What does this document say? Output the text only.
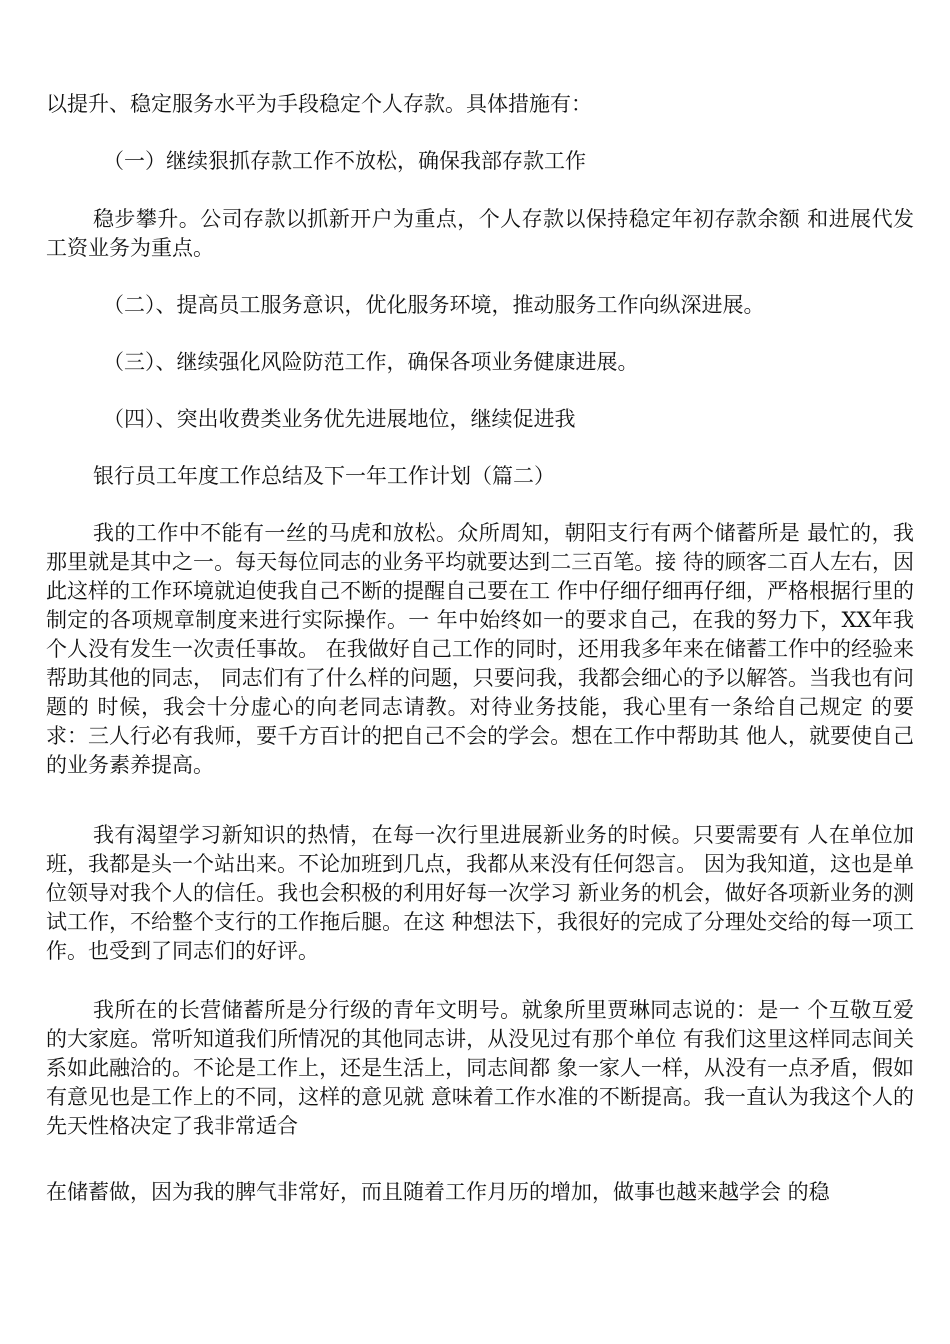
以提升、稳定服务水平为手段稳定个人存款。具体措施有：

（一）继续狠抓存款工作不放松，确保我部存款工作

稳步攀升。公司存款以抓新开户为重点，个人存款以保持稳定年初存款余额 和进展代发工资业务为重点。

（二）、提高员工服务意识，优化服务环境，推动服务工作向纵深进展。

（三）、继续强化风险防范工作，确保各项业务健康进展。

（四）、突出收费类业务优先进展地位，继续促进我

银行员工年度工作总结及下一年工作计划（篇二）

我的工作中不能有一丝的马虎和放松。众所周知，朝阳支行有两个储蓄所是 最忙的，我那里就是其中之一。每天每位同志的业务平均就要达到二三百笔。接 待的顾客二百人左右，因此这样的工作环境就迫使我自己不断的提醒自己要在工 作中仔细仔细再仔细，严格根据行里的制定的各项规章制度来进行实际操作。一 年中始终如一的要求自己，在我的努力下，XX年我个人没有发生一次责任事故。 在我做好自己工作的同时，还用我多年来在储蓄工作中的经验来帮助其他的同志， 同志们有了什么样的问题，只要问我，我都会细心的予以解答。当我也有问题的 时候，我会十分虚心的向老同志请教。对待业务技能，我心里有一条给自己规定 的要求：三人行必有我师，要千方百计的把自己不会的学会。想在工作中帮助其 他人，就要使自己的业务素养提高。

我有渴望学习新知识的热情，在每一次行里进展新业务的时候。只要需要有 人在单位加班，我都是头一个站出来。不论加班到几点，我都从来没有任何怨言。 因为我知道，这也是单位领导对我个人的信任。我也会积极的利用好每一次学习 新业务的机会，做好各项新业务的测试工作，不给整个支行的工作拖后腿。在这 种想法下，我很好的完成了分理处交给的每一项工作。也受到了同志们的好评。

我所在的长营储蓄所是分行级的青年文明号。就象所里贾琳同志说的：是一 个互敬互爱的大家庭。常听知道我们所情况的其他同志讲，从没见过有那个单位 有我们这里这样同志间关系如此融洽的。不论是工作上，还是生活上，同志间都 象一家人一样，从没有一点矛盾，假如有意见也是工作上的不同，这样的意见就 意味着工作水准的不断提高。我一直认为我这个人的先天性格决定了我非常适合

在储蓄做，因为我的脾气非常好，而且随着工作月历的增加，做事也越来越学会 的稳
